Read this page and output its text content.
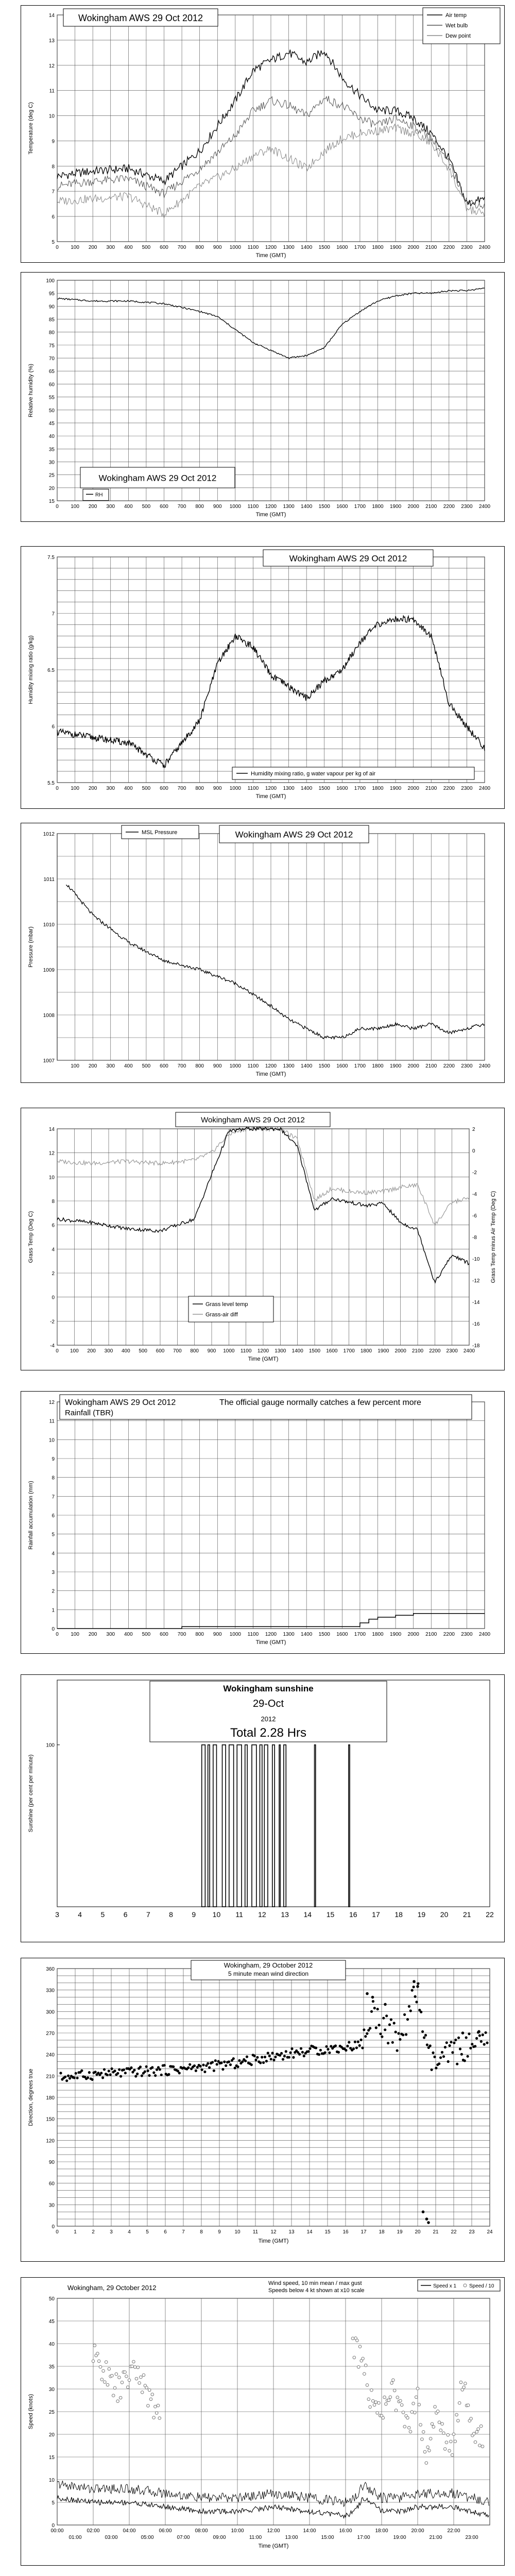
0 100 200 300 400 500 600 700 800 900 1000 1100 1200 1300 1400 1500 1600 1700 1800 1900 2000 2100 2200 2300 2400
5
6
7
8
9
10
11
12
13
14	Wokingham AWS 29 Oct 2012	Air temp
Wet bulb
Dew point
Temperature (deg C)
Time (GMT)
0 100 200 300 400 500 600 700 800 900 1000 1100 1200 1300 1400 1500 1600 1700 1800 1900 2000 2100 2200 2300 2400
15
20
25
30
35
40
45
50
55
60
65
70
75
80
85
90
95
100
RH
Wokingham AWS 29 Oct 2012
Relative humidity (%)
Time (GMT)
0 100 200 300 400 500 600 700 800 900 1000 1100 1200 1300 1400 1500 1600 1700 1800 1900 2000 2100 2200 2300 2400
5.5
6
6.5
7
7.5	Wokingham AWS 29 Oct 2012
Humidity mixing ratio, g water vapour per kg of air
Humidity mixing ratio (g/kg)
Time (GMT)
100 200 300 400 500 600 700 800 900 1000 1100 1200 1300 1400 1500 1600 1700 1800 1900 2000 2100 2200 2300 2400
1007
1008
1009
1010
1011
1012	MSL Pressure	Wokingham AWS 29 Oct 2012
Pressure (mbar)
Time (GMT)
0 100 200 300 400 500 600 700 800 900 1000 1100 1200 1300 1400 1500 1600 1700 1800 1900 2000 2100 2200 2300 2400
-4
-2
0
2
4
6
8
10
12
14
-18
-16
-14
-12
-10
-8
-6
-4
-2
0
2
Wokingham AWS 29 Oct 2012
Grass level temp
Grass-air diff
Grass Temp (Deg C)	Grass Temp minus Air Temp (Deg C)
Time (GMT)
0 100 200 300 400 500 600 700 800 900 1000 1100 1200 1300 1400 1500 1600 1700 1800 1900 2000 2100 2200 2300 2400
0
1
2
3
4
5
6
7
8
9
10
11
12 Wokingham AWS 29 Oct 2012
Rainfall (TBR)
The official gauge normally catches a few percent more
Rainfall accumulation (mm)
Time (GMT)
3	4	5	6	7	8	9 10 11 12 13 14 15 16 17 18 19 20 21 22
100
Wokingham sunshine
29-Oct
2012
Total 2.28 Hrs
Sunshine (per cent per minute)
0	1	2	3	4	5	6	7	8	9	10 11 12 13 14 15 16 17 18 19 20 21 22 23 24
0
30
60
90
120
150
180
210
240
270
300
330
360
Wokingham, 29 October 2012
5 minute mean wind direction
Direction, degrees true
Time (GMT)
0
5
10
15
20
25
30
35
40
45
50
00:00	02:00	04:00	06:00	08:00	10:00	12:00	14:00	16:00	18:00	20:00	22:00
01:00	03:00	05:00	07:00	09:00	11:00	13:00	15:00	17:00	19:00	21:00	23:00
Wokingham, 29 October 2012
Wind speed, 10 min mean / max gust
Speeds below 4 kt shown at x10 scale
Speed x 1 Speed / 10
Speed (knots)
Time (GMT)
